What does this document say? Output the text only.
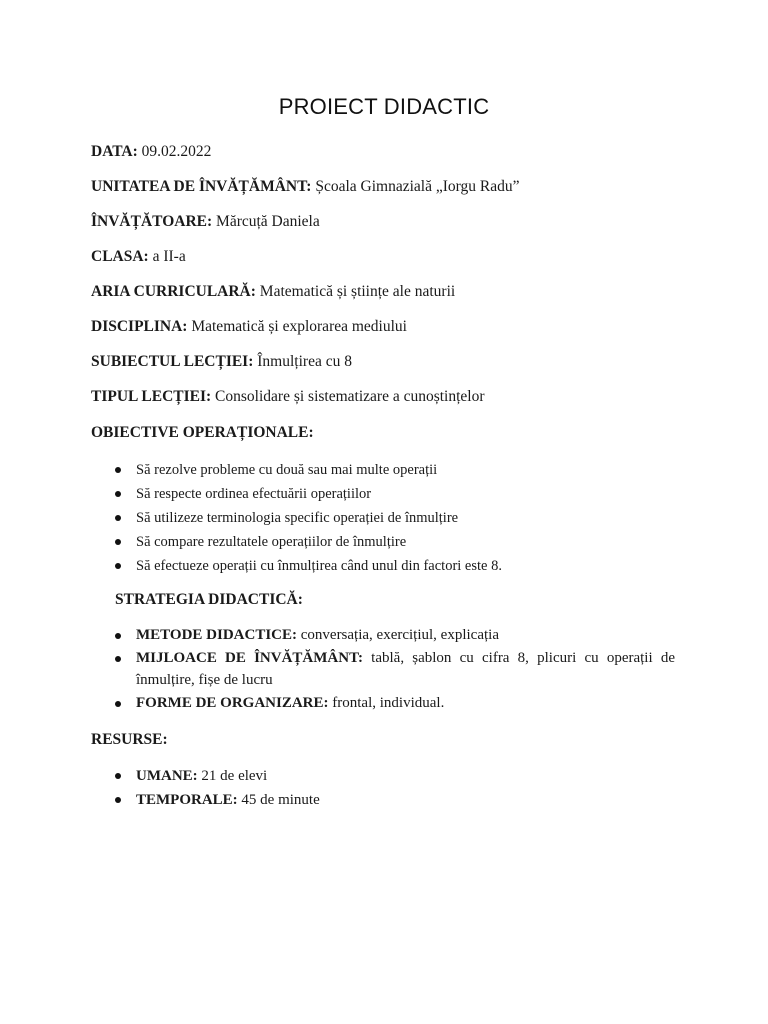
PROIECT DIDACTIC
DATA: 09.02.2022
UNITATEA DE ÎNVĂȚĂMÂNT: Școala Gimnazială „Iorgu Radu”
ÎNVĂȚĂTOARE: Mărcuță Daniela
CLASA: a II-a
ARIA CURRICULARĂ: Matematică și științe ale naturii
DISCIPLINA: Matematică și explorarea mediului
SUBIECTUL LECȚIEI: Înmulțirea cu 8
TIPUL LECȚIEI: Consolidare și sistematizare a cunoștințelor
OBIECTIVE OPERAȚIONALE:
Să rezolve probleme cu două sau mai multe operații
Să respecte ordinea efectuării operațiilor
Să utilizeze terminologia specific operației de înmulțire
Să compare rezultatele operațiilor de înmulțire
Să efectueze operații cu înmulțirea când unul din factori este 8.
STRATEGIA DIDACTICĂ:
METODE DIDACTICE: conversația, exercițiul, explicația
MIJLOACE DE ÎNVĂȚĂMÂNT: tablă, șablon cu cifra 8, plicuri cu operații de înmulțire, fișe de lucru
FORME DE ORGANIZARE: frontal, individual.
RESURSE:
UMANE: 21 de elevi
TEMPORALE: 45 de minute
